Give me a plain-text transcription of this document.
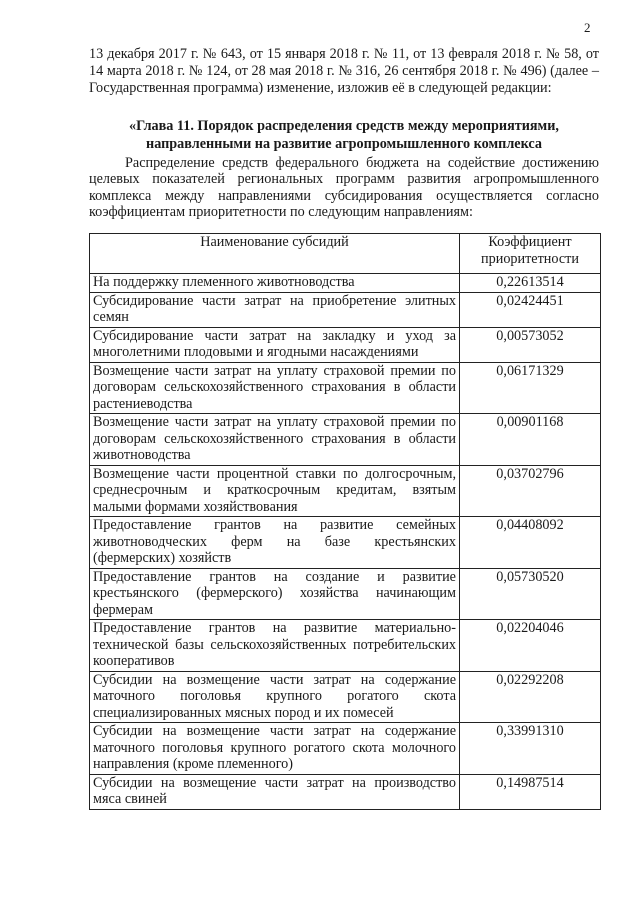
2
13 декабря 2017 г. № 643, от 15 января 2018 г. № 11, от 13 февраля 2018 г. № 58, от 14 марта 2018 г. № 124, от 28 мая 2018 г. № 316, 26 сентября 2018 г. № 496) (далее – Государственная программа) изменение, изложив её в следующей редакции:
«Глава 11. Порядок распределения средств между мероприятиями, направленными на развитие агропромышленного комплекса
Распределение средств федерального бюджета на содействие достижению целевых показателей региональных программ развития агропромышленного комплекса между направлениями субсидирования осуществляется согласно коэффициентам приоритетности по следующим направлениям:
Наименование субсидий	Коэффициент приоритетности
На поддержку племенного животноводства	0,22613514
Субсидирование части затрат на приобретение элитных семян	0,02424451
Субсидирование части затрат на закладку и уход за многолетними плодовыми и ягодными насаждениями	0,00573052
Возмещение части затрат на уплату страховой премии по договорам сельскохозяйственного страхования в области растениеводства	0,06171329
Возмещение части затрат на уплату страховой премии по договорам сельскохозяйственного страхования в области животноводства	0,00901168
Возмещение части процентной ставки по долгосрочным, среднесрочным и краткосрочным кредитам, взятым малыми формами хозяйствования	0,03702796
Предоставление грантов на развитие семейных животноводческих ферм на базе крестьянских (фермерских) хозяйств	0,04408092
Предоставление грантов на создание и развитие крестьянского (фермерского) хозяйства начинающим фермерам	0,05730520
Предоставление грантов на развитие материально-технической базы сельскохозяйственных потребительских кооперативов	0,02204046
Субсидии на возмещение части затрат на содержание маточного поголовья крупного рогатого скота специализированных мясных пород и их помесей	0,02292208
Субсидии на возмещение части затрат на содержание маточного поголовья крупного рогатого скота молочного направления (кроме племенного)	0,33991310
Субсидии на возмещение части затрат на производство мяса свиней	0,14987514
